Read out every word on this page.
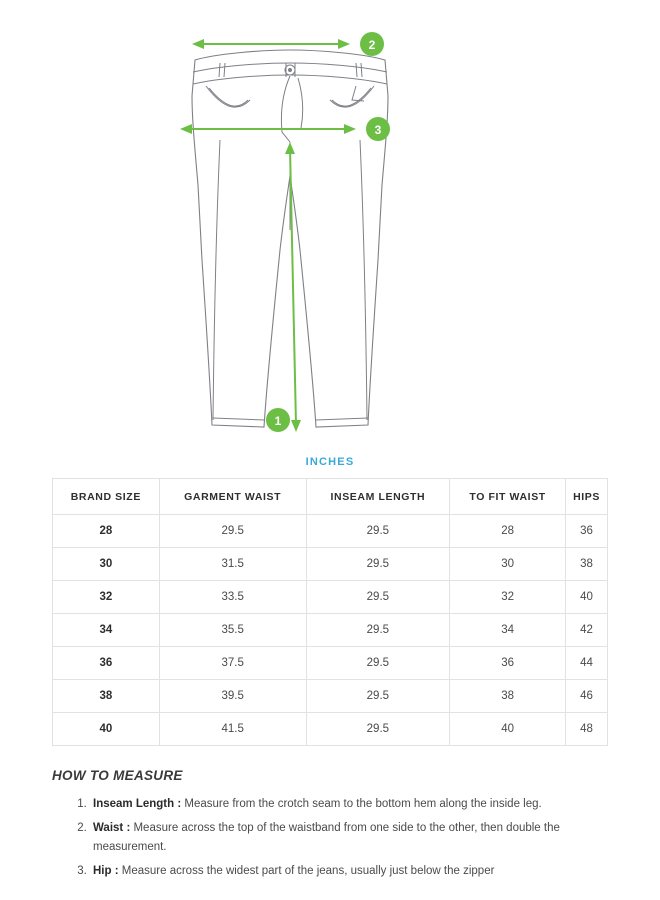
2
3
1
INCHES
BRAND SIZE	GARMENT WAIST	INSEAM LENGTH	TO FIT WAIST	HIPS
28	29.5	29.5	28	36
30	31.5	29.5	30	38
32	33.5	29.5	32	40
34	35.5	29.5	34	42
36	37.5	29.5	36	44
38	39.5	29.5	38	46
40	41.5	29.5	40	48
HOW TO MEASURE
1. Inseam Length : Measure from the crotch seam to the bottom hem along the inside leg.
2. Waist : Measure across the top of the waistband from one side to the other, then double the measurement.
3. Hip : Measure across the widest part of the jeans, usually just below the zipper
